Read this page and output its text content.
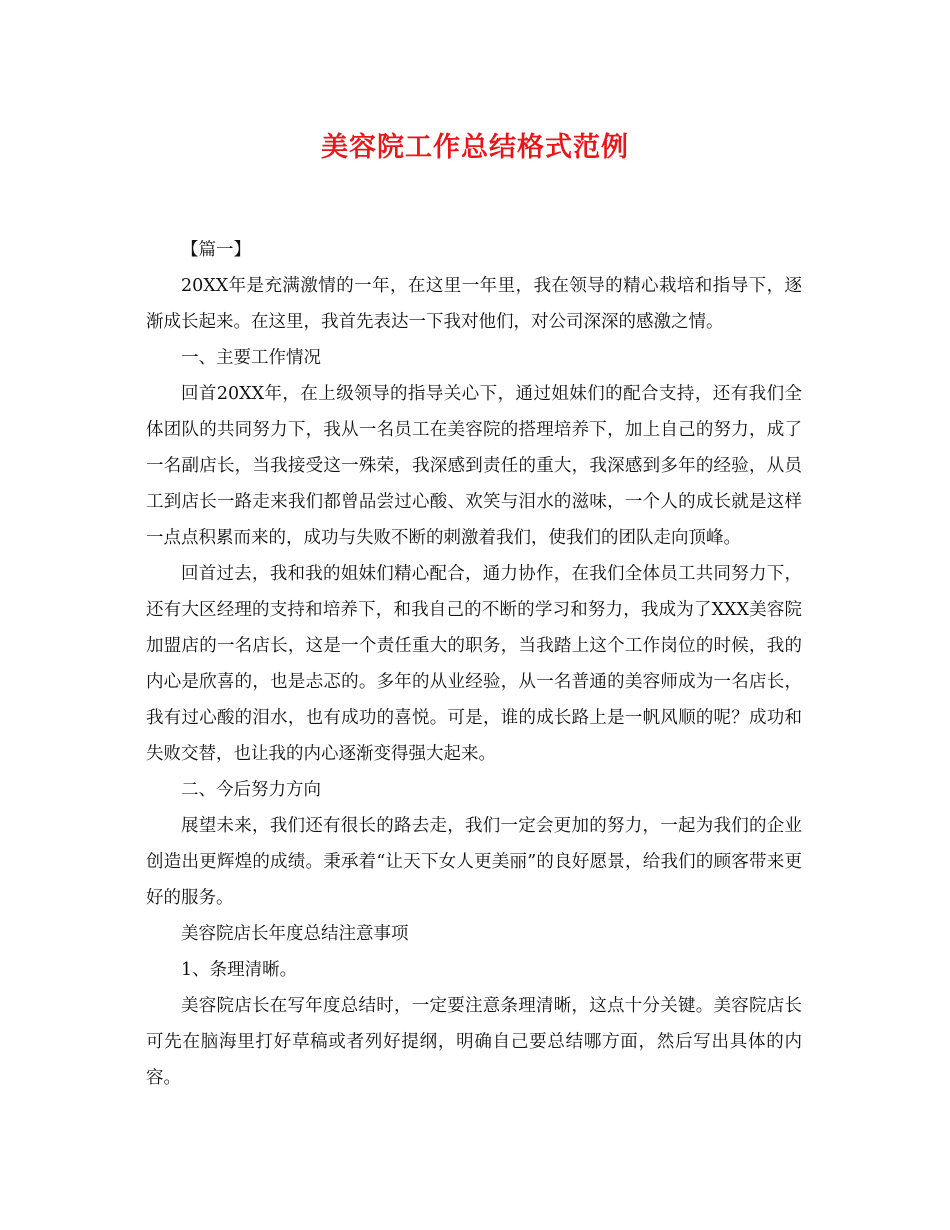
美容院工作总结格式范例

【篇一】

20XX年是充满激情的一年，在这里一年里，我在领导的精心栽培和指导下，逐渐成长起来。在这里，我首先表达一下我对他们，对公司深深的感激之情。

一、主要工作情况

回首20XX年，在上级领导的指导关心下，通过姐妹们的配合支持，还有我们全体团队的共同努力下，我从一名员工在美容院的搭理培养下，加上自己的努力，成了一名副店长，当我接受这一殊荣，我深感到责任的重大，我深感到多年的经验，从员工到店长一路走来我们都曾品尝过心酸、欢笑与泪水的滋味，一个人的成长就是这样一点点积累而来的，成功与失败不断的刺激着我们，使我们的团队走向顶峰。

回首过去，我和我的姐妹们精心配合，通力协作，在我们全体员工共同努力下，还有大区经理的支持和培养下，和我自己的不断的学习和努力，我成为了XXX美容院加盟店的一名店长，这是一个责任重大的职务，当我踏上这个工作岗位的时候，我的内心是欣喜的，也是忐忑的。多年的从业经验，从一名普通的美容师成为一名店长，我有过心酸的泪水，也有成功的喜悦。可是，谁的成长路上是一帆风顺的呢？成功和失败交替，也让我的内心逐渐变得强大起来。

二、今后努力方向

展望未来，我们还有很长的路去走，我们一定会更加的努力，一起为我们的企业创造出更辉煌的成绩。秉承着“让天下女人更美丽”的良好愿景，给我们的顾客带来更好的服务。

美容院店长年度总结注意事项

1、条理清晰。

美容院店长在写年度总结时，一定要注意条理清晰，这点十分关键。美容院店长可先在脑海里打好草稿或者列好提纲，明确自己要总结哪方面，然后写出具体的内容。
